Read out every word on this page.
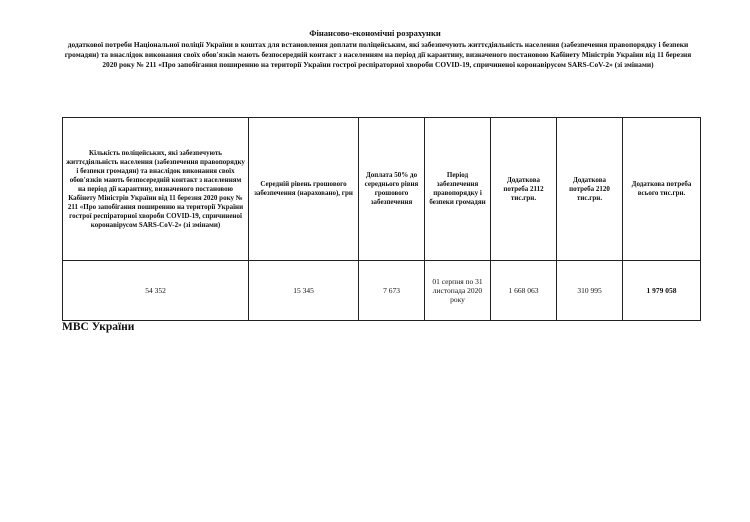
Фінансово-економічні розрахунки
додаткової потреби Національної поліції України в коштах для встановлення доплати поліцейським, які забезпечують життєдіяльність населення (забезпечення правопорядку і безпеки громадян) та внаслідок виконання своїх обов'язків мають безпосередній контакт з населенням на період дії карантину, визначеного постановою Кабінету Міністрів України від 11 березня 2020 року № 211 «Про запобігання поширенню на території України гострої респіраторної хвороби COVID-19, спричиненої коронавірусом SARS-CoV-2» (зі змінами)
Кількість поліцейських, які забезпечують життєдіяльність населення (забезпечення правопорядку і безпеки громадян) та внаслідок виконання своїх обов'язків мають безпосередній контакт з населенням на період дії карантину, визначеного постановою Кабінету Міністрів України від 11 березня 2020 року № 211 «Про запобігання поширенню на території України гострої респіраторної хвороби COVID-19, спричиненої коронавірусом SARS-CoV-2» (зі змінами)	Середній рівень грошового забезпечення (нараховано), грн	Доплата 50% до середнього рівня грошового забезпечення	Період забезпечення правопорядку і безпеки громадян	Додаткова потреба 2112 тис.грн.	Додаткова потреба 2120 тис.грн.	Додаткова потреба всього тис.грн.
54 352	15 345	7 673	01 серпня по 31 листопада 2020 року	1 668 063	310 995	1 979 058
МВС України
